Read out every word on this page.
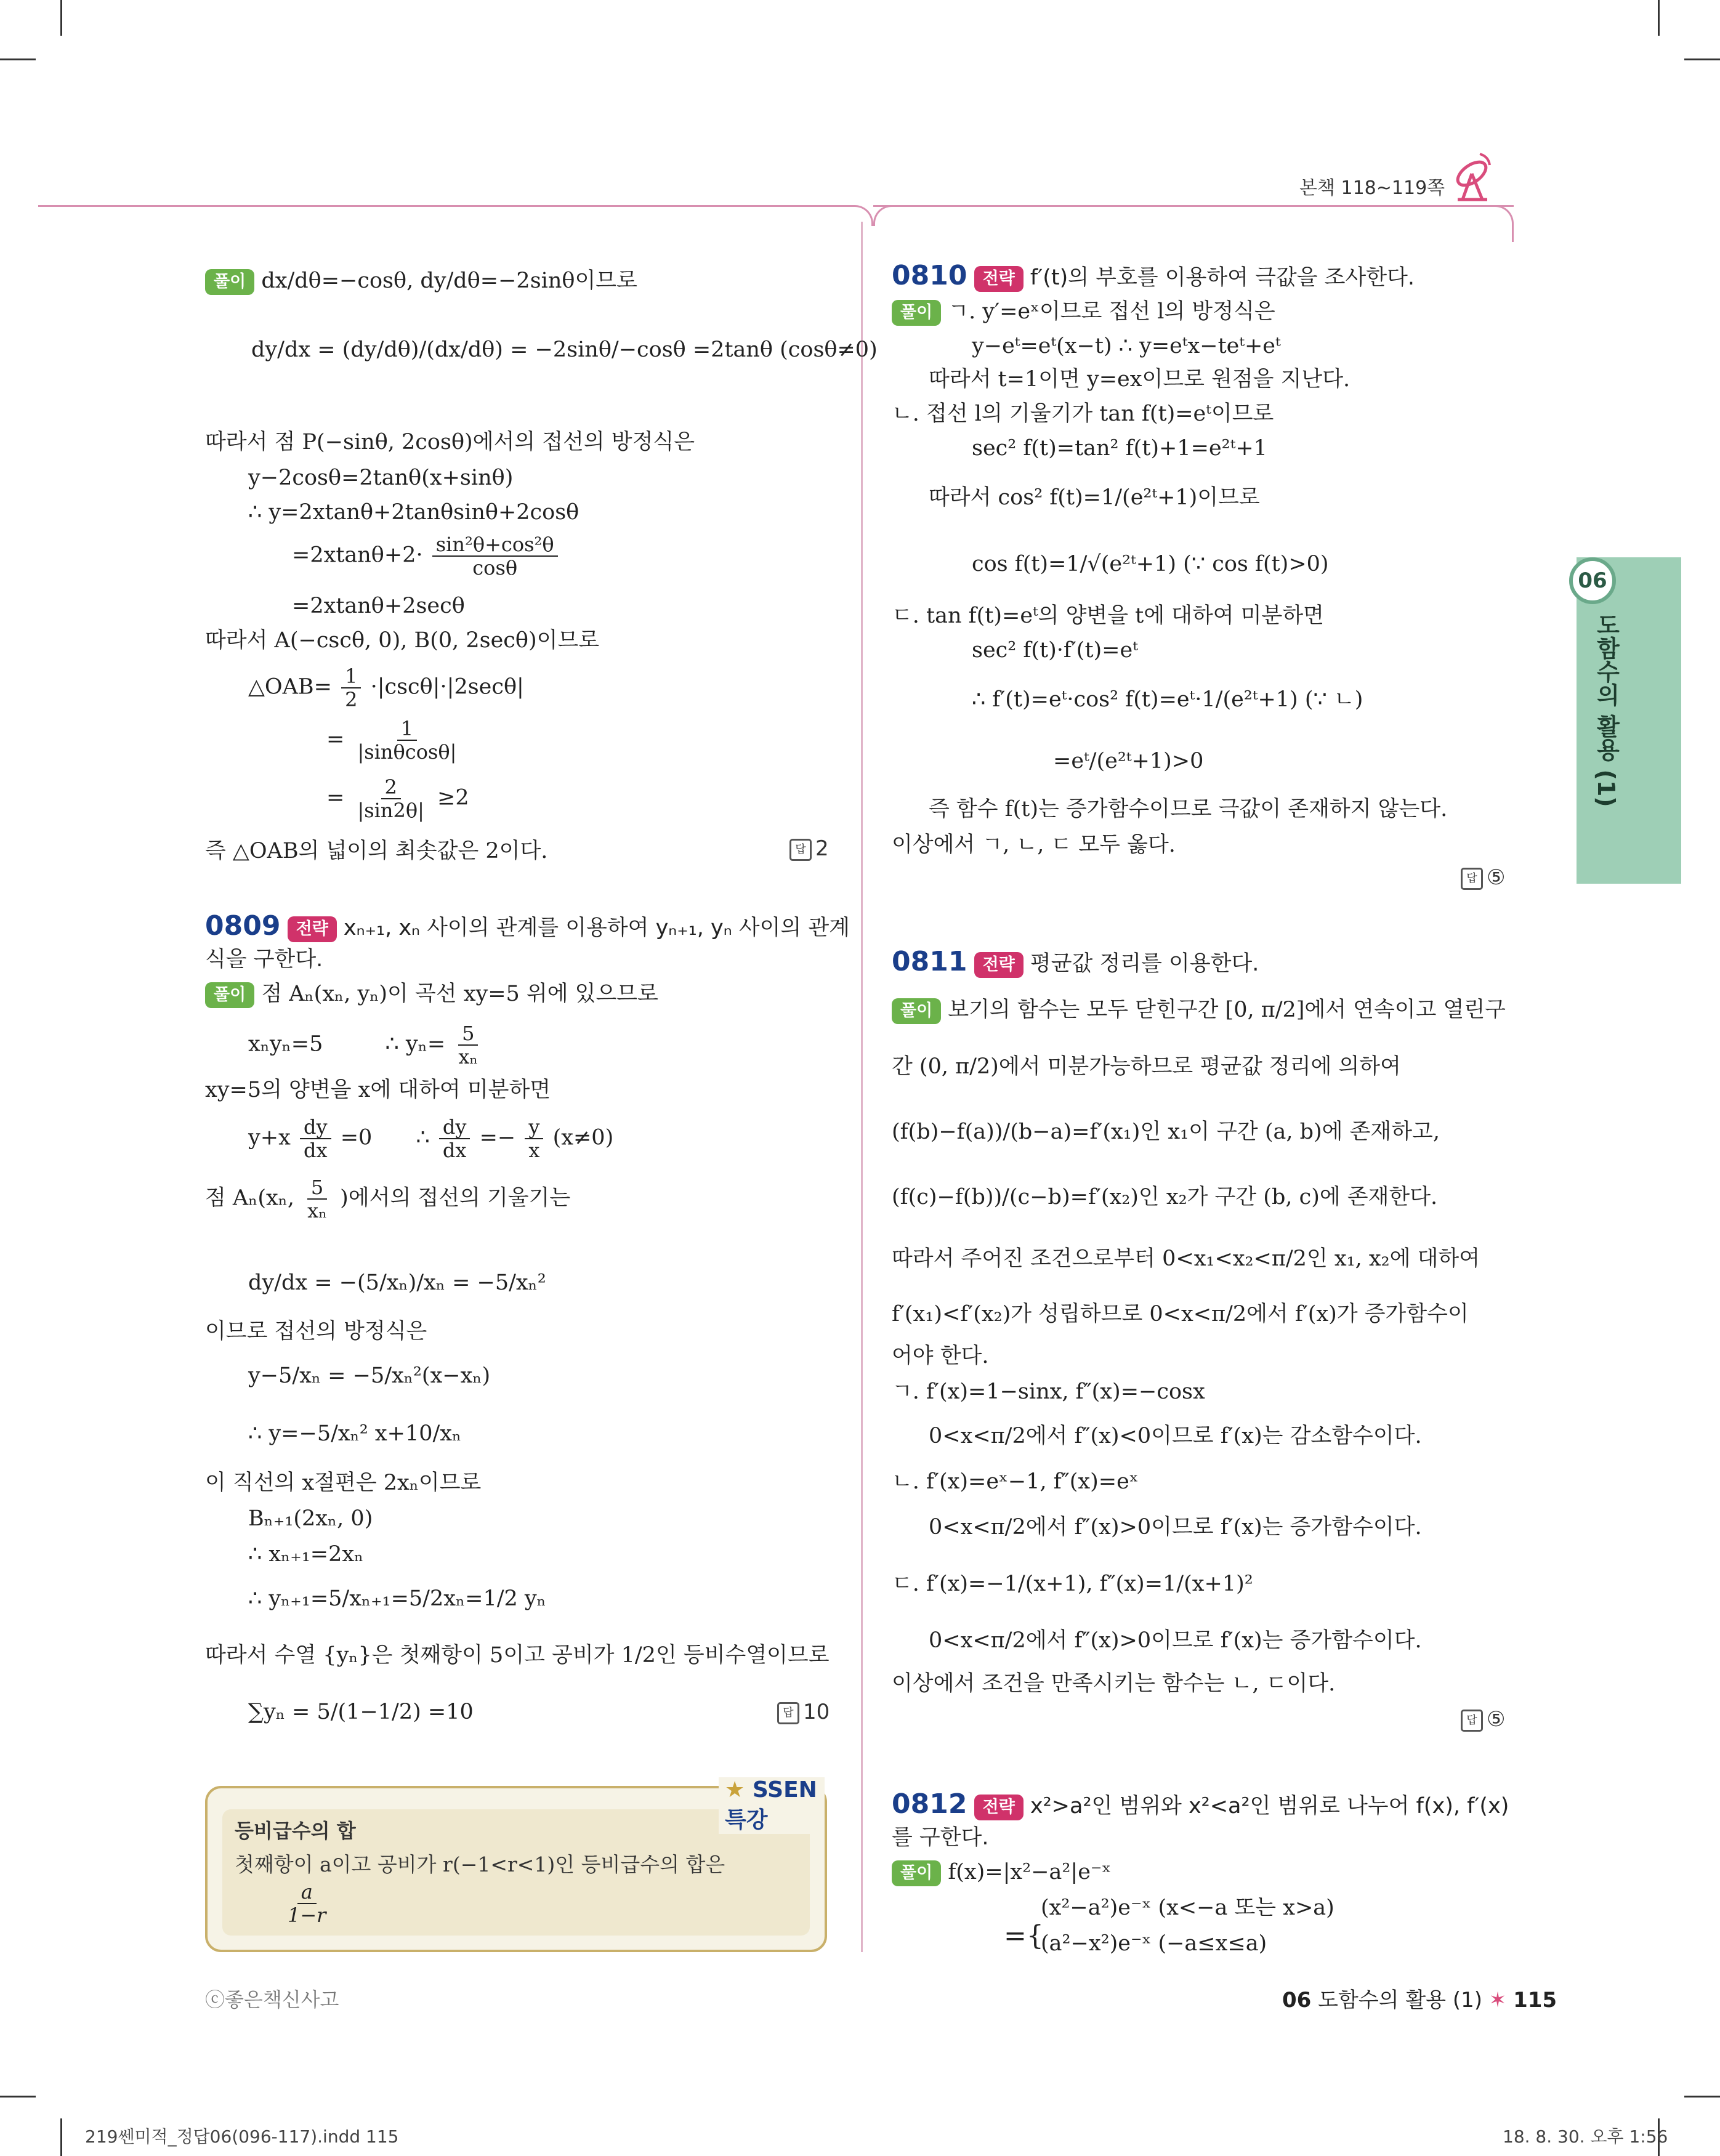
본책 118~119쪽
06
도함수의 활용 (1)
풀이 dx/dθ=−cosθ, dy/dθ=−2sinθ이므로
dy/dx = (dy/dθ)/(dx/dθ) = −2sinθ/−cosθ =2tanθ (cosθ≠0)
따라서 점 P(−sinθ, 2cosθ)에서의 접선의 방정식은
y−2cosθ=2tanθ(x+sinθ)
∴ y=2xtanθ+2tanθsinθ+2cosθ
$=2xtan\theta+2\cdot \frac{\text{sin²θ+cos²θ}}{\cos\theta}$
=2xtanθ+2secθ
따라서 A(−cscθ, 0), B(0, 2secθ)이므로
△OAB= $\frac{1}{2} \cdot|\csc\theta|\cdot|2\sec\theta|$
= $\frac{1}{|\sin\theta\cos\theta|}$
= $\frac{2}{|\sin 2\theta|} \ge 2$
즉 △OAB의 넓이의 최솟값은 2이다.	답 2
0809 전략 xₙ₊₁, xₙ 사이의 관계를 이용하여 yₙ₊₁, yₙ 사이의 관계
식을 구한다.
풀이 점 Aₙ(xₙ, yₙ)이 곡선 xy=5 위에 있으므로
xₙyₙ=5	∴ $y_n= \frac{5}{\text{xₙ}}$
xy=5의 양변을 x에 대하여 미분하면
$y+x \frac{dy}{dx} =0$ ∴ $\frac{dy}{dx} =- \frac{y}{x} (x\ne 0)$
점 Aₙ(xₙ, $\frac{5}{\text{xₙ}}$ )에서의 접선의 기울기는
dy/dx = −(5/xₙ)/xₙ = −5/xₙ²
이므로 접선의 방정식은
y−5/xₙ = −5/xₙ²(x−xₙ)
∴ y=−5/xₙ² x+10/xₙ
이 직선의 x절편은 2xₙ이므로
Bₙ₊₁(2xₙ, 0)
∴ xₙ₊₁=2xₙ
∴ yₙ₊₁=5/xₙ₊₁=5/2xₙ=1/2 yₙ
따라서 수열 {yₙ}은 첫째항이 5이고 공비가 1/2인 등비수열이므로
∑yₙ = 5/(1−1/2) =10	답 10
★ SSEN 특강
등비급수의 합
첫째항이 a이고 공비가 r(−1<r<1)인 등비급수의 합은
$\frac{a}{1-r}$
ⓒ좋은책신사고
0810 전략 f′(t)의 부호를 이용하여 극값을 조사한다.
풀이 ㄱ. y′=eˣ이므로 접선 l의 방정식은
y−eᵗ=eᵗ(x−t) ∴ y=eᵗx−teᵗ+eᵗ
따라서 t=1이면 y=ex이므로 원점을 지난다.
ㄴ. 접선 l의 기울기가 tan f(t)=eᵗ이므로
sec² f(t)=tan² f(t)+1=e²ᵗ+1
따라서 cos² f(t)=1/(e²ᵗ+1)이므로
cos f(t)=1/√(e²ᵗ+1) (∵ cos f(t)>0)
ㄷ. tan f(t)=eᵗ의 양변을 t에 대하여 미분하면
sec² f(t)·f′(t)=eᵗ
∴ f′(t)=eᵗ·cos² f(t)=eᵗ·1/(e²ᵗ+1) (∵ ㄴ)
=eᵗ/(e²ᵗ+1)>0
즉 함수 f(t)는 증가함수이므로 극값이 존재하지 않는다.
이상에서 ㄱ, ㄴ, ㄷ 모두 옳다.
답 ⑤
0811 전략 평균값 정리를 이용한다.
풀이 보기의 함수는 모두 닫힌구간 [0, π/2]에서 연속이고 열린구
간 (0, π/2)에서 미분가능하므로 평균값 정리에 의하여
(f(b)−f(a))/(b−a)=f′(x₁)인 x₁이 구간 (a, b)에 존재하고,
(f(c)−f(b))/(c−b)=f′(x₂)인 x₂가 구간 (b, c)에 존재한다.
따라서 주어진 조건으로부터 0<x₁<x₂<π/2인 x₁, x₂에 대하여
f′(x₁)<f′(x₂)가 성립하므로 0<x<π/2에서 f′(x)가 증가함수이
어야 한다.
ㄱ. f′(x)=1−sinx, f″(x)=−cosx
0<x<π/2에서 f″(x)<0이므로 f′(x)는 감소함수이다.
ㄴ. f′(x)=eˣ−1, f″(x)=eˣ
0<x<π/2에서 f″(x)>0이므로 f′(x)는 증가함수이다.
ㄷ. f′(x)=−1/(x+1), f″(x)=1/(x+1)²
0<x<π/2에서 f″(x)>0이므로 f′(x)는 증가함수이다.
이상에서 조건을 만족시키는 함수는 ㄴ, ㄷ이다.
답 ⑤
0812 전략 x²>a²인 범위와 x²<a²인 범위로 나누어 f(x), f′(x)
를 구한다.
풀이 f(x)=|x²−a²|e⁻ˣ
={
(x²−a²)e⁻ˣ (x<−a 또는 x>a)
(a²−x²)e⁻ˣ (−a≤x≤a)
06 도함수의 활용 (1) ✶ 115
219쎈미적_정답06(096-117).indd 115	18. 8. 30. 오후 1:56
